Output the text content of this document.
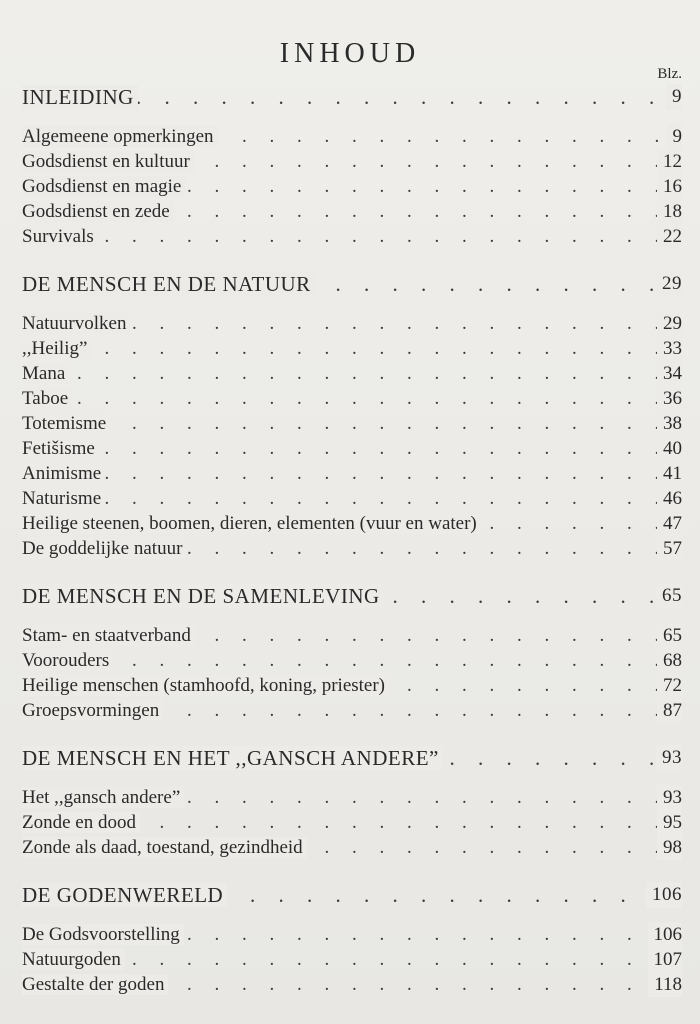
INHOUD
Blz.
. . .
INLEIDING	9
. . .
Algemeene opmerkingen	9
. . .
Godsdienst en kultuur	12
. . .
Godsdienst en magie	16
. . .
Godsdienst en zede	18
. . .
Survivals	22
. . .
DE MENSCH EN DE NATUUR	29
. . .
Natuurvolken	29
. . .
,,Heilig”	33
. . .
Mana	34
. . .
Taboe	36
. . .
Totemisme	38
. . .
Fetišisme	40
. . .
Animisme	41
. . .
Naturisme	46
. . .
Heilige steenen, boomen, dieren, elementen (vuur en water)	47
. . .
De goddelijke natuur	57
. . .
DE MENSCH EN DE SAMENLEVING	65
. . .
Stam- en staatverband	65
. . .
Voorouders	68
. . .
Heilige menschen (stamhoofd, koning, priester)	72
. . .
Groepsvormingen	87
. . .
DE MENSCH EN HET ,,GANSCH ANDERE”	93
. . .
Het ,,gansch andere”	93
. . .
Zonde en dood	95
. . .
Zonde als daad, toestand, gezindheid	98
. . .
DE GODENWERELD	106
. . .
De Godsvoorstelling	106
. . .
Natuurgoden	107
. . .
Gestalte der goden	118
